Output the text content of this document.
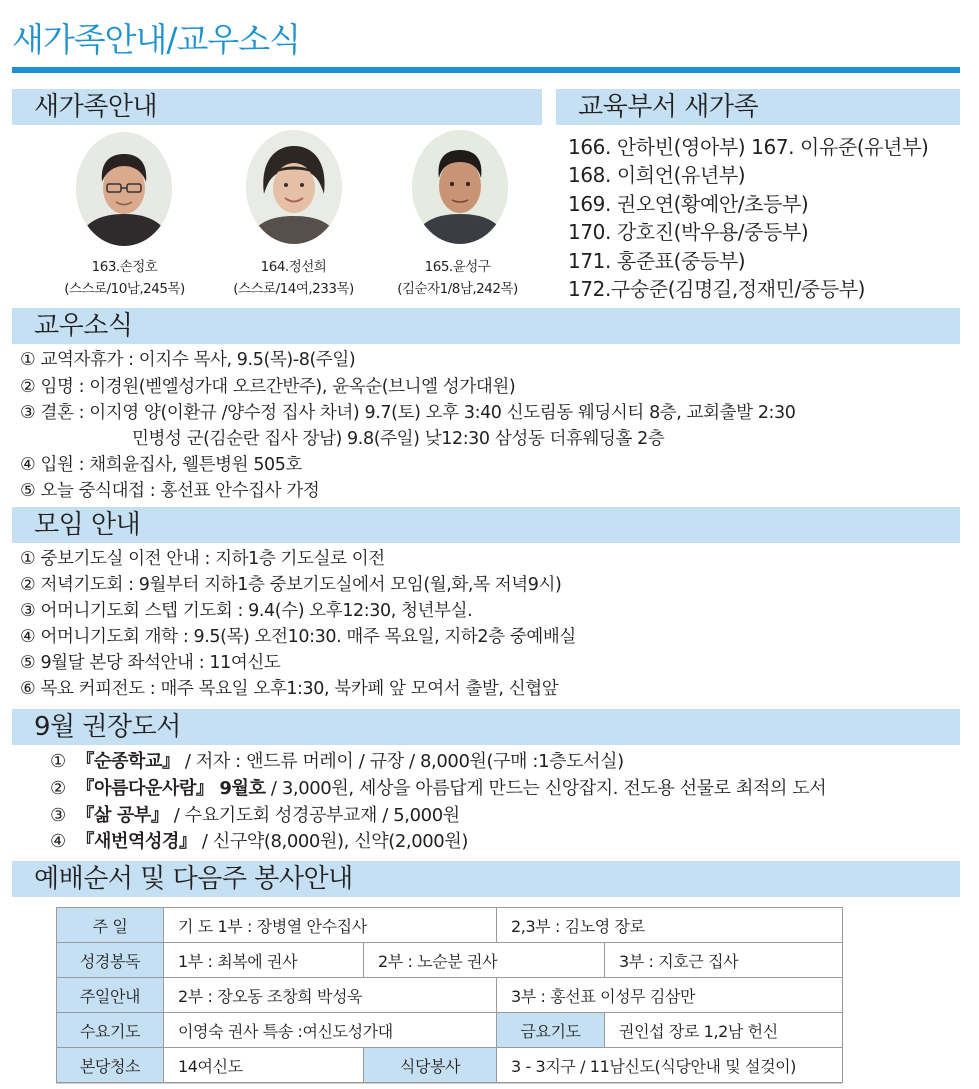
새가족안내/교우소식
새가족안내
163.손정호
(스스로/10남,245목)
164.정선희
(스스로/14여,233목)
165.윤성구
(김순자1/8남,242목)
교육부서 새가족
166. 안하빈(영아부) 167. 이유준(유년부)
168. 이희언(유년부)
169. 권오연(황예안/초등부)
170. 강호진(박우용/중등부)
171. 홍준표(중등부)
172.구숭준(김명길,정재민/중등부)
교우소식
① 교역자휴가 : 이지수 목사, 9.5(목)-8(주일)
② 임명 : 이경원(벧엘성가대 오르간반주), 윤옥순(브니엘 성가대원)
③ 결혼 : 이지영 양(이환규 /양수정 집사 차녀) 9.7(토) 오후 3:40 신도림동 웨딩시티 8층, 교회출발 2:30
민병성 군(김순란 집사 장남) 9.8(주일) 낮12:30 삼성동 더휴웨딩홀 2층
④ 입원 : 채희윤집사, 웰튼병원 505호
⑤ 오늘 중식대접 : 홍선표 안수집사 가정
모임 안내
① 중보기도실 이전 안내 : 지하1층 기도실로 이전
② 저녁기도회 : 9월부터 지하1층 중보기도실에서 모임(월,화,목 저녁9시)
③ 어머니기도회 스텝 기도회 : 9.4(수) 오후12:30, 청년부실.
④ 어머니기도회 개학 : 9.5(목) 오전10:30. 매주 목요일, 지하2층 중예배실
⑤ 9월달 본당 좌석안내 : 11여신도
⑥ 목요 커피전도 : 매주 목요일 오후1:30, 북카페 앞 모여서 출발, 신협앞
9월 권장도서
① 『순종학교』 / 저자 : 앤드류 머레이 / 규장 / 8,000원(구매 :1층도서실)
② 『아름다운사람』 9월호 / 3,000원, 세상을 아름답게 만드는 신앙잡지. 전도용 선물로 최적의 도서
③ 『삶 공부』 / 수요기도회 성경공부교재 / 5,000원
④ 『새번역성경』 / 신구약(8,000원), 신약(2,000원)
예배순서 및 다음주 봉사안내
주 일	기 도 1부 : 장병열 안수집사		2,3부 : 김노영 장로	
성경봉독	1부 : 최복에 권사	2부 : 노순분 권사		3부 : 지호근 집사
주일안내	2부 : 장오동 조창희 박성욱		3부 : 홍선표 이성무 김삼만	
수요기도	이영숙 권사 특송 :여신도성가대		금요기도	권인섭 장로 1,2남 헌신
본당청소	14여신도	식당봉사	3 - 3지구 / 11남신도(식당안내 및 설겆이)	
